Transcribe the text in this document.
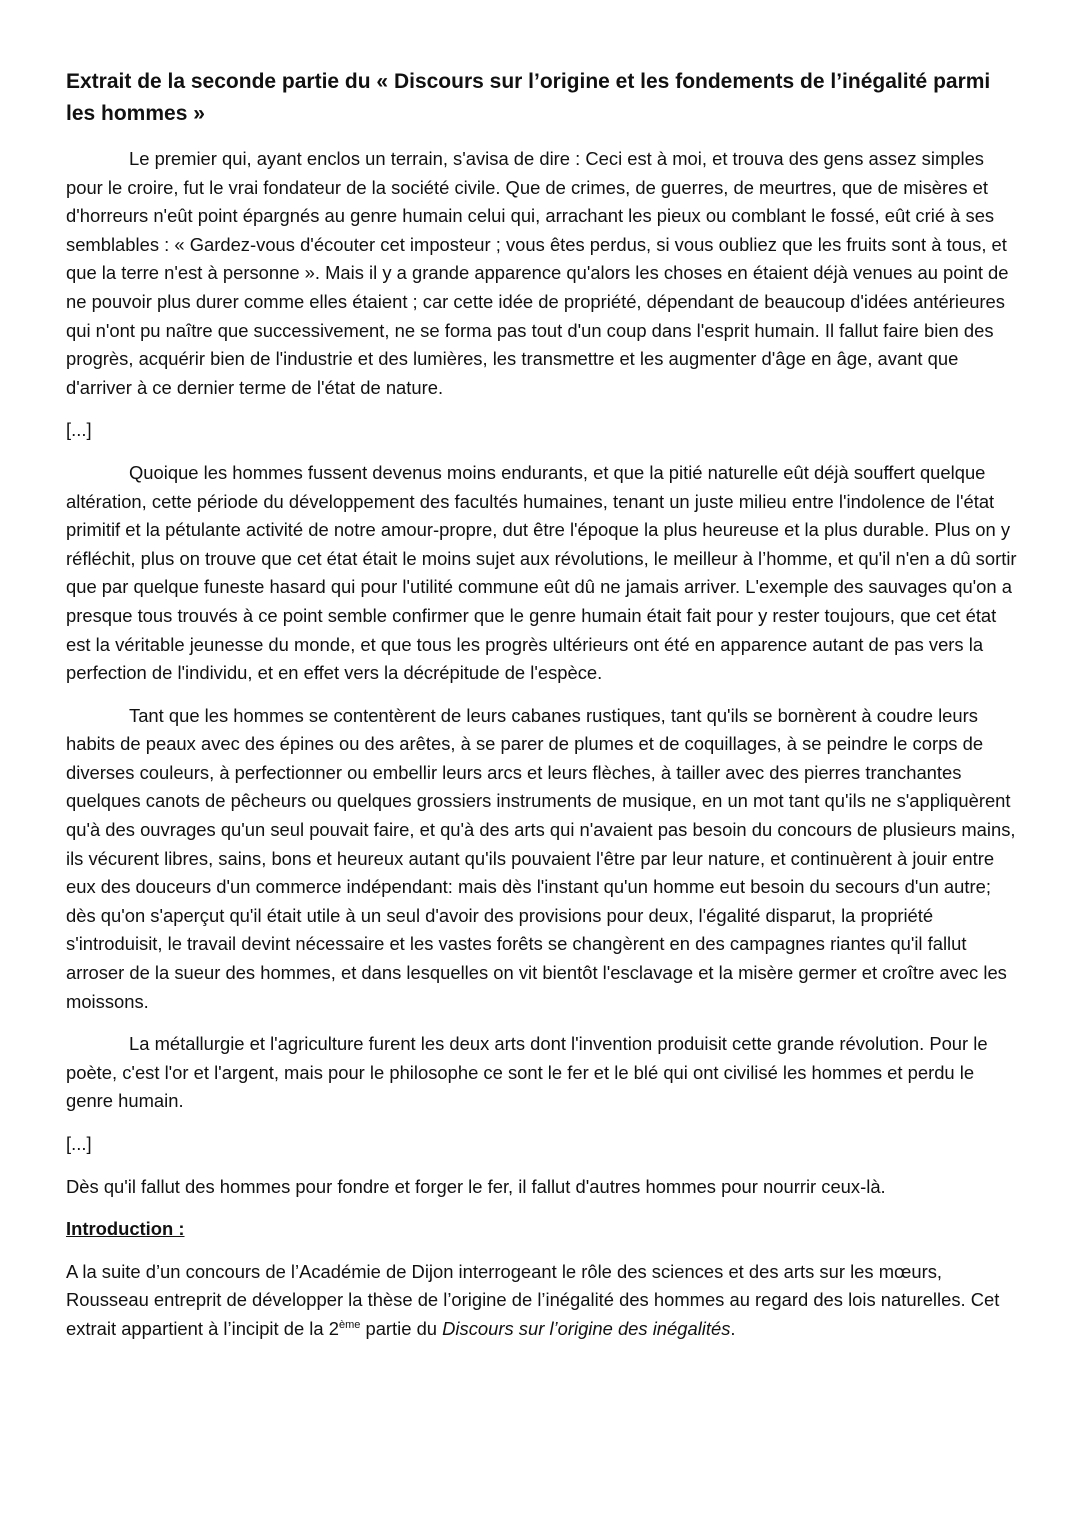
Extrait de la seconde partie du « Discours sur l’origine et les fondements de l’inégalité parmi les hommes »

Le premier qui, ayant enclos un terrain, s'avisa de dire : Ceci est à moi, et trouva des gens assez simples pour le croire, fut le vrai fondateur de la société civile. Que de crimes, de guerres, de meurtres, que de misères et d'horreurs n'eût point épargnés au genre humain celui qui, arrachant les pieux ou comblant le fossé, eût crié à ses semblables : « Gardez-vous d'écouter cet imposteur ; vous êtes perdus, si vous oubliez que les fruits sont à tous, et que la terre n'est à personne ». Mais il y a grande apparence qu'alors les choses en étaient déjà venues au point de ne pouvoir plus durer comme elles étaient ; car cette idée de propriété, dépendant de beaucoup d'idées antérieures qui n'ont pu naître que successivement, ne se forma pas tout d'un coup dans l'esprit humain. Il fallut faire bien des progrès, acquérir bien de l'industrie et des lumières, les transmettre et les augmenter d'âge en âge, avant que d'arriver à ce dernier terme de l'état de nature.

[...]

Quoique les hommes fussent devenus moins endurants, et que la pitié naturelle eût déjà souffert quelque altération, cette période du développement des facultés humaines, tenant un juste milieu entre l'indolence de l'état primitif et la pétulante activité de notre amour-propre, dut être l'époque la plus heureuse et la plus durable. Plus on y réfléchit, plus on trouve que cet état était le moins sujet aux révolutions, le meilleur à l’homme, et qu'il n'en a dû sortir que par quelque funeste hasard qui pour l'utilité commune eût dû ne jamais arriver. L'exemple des sauvages qu'on a presque tous trouvés à ce point semble confirmer que le genre humain était fait pour y rester toujours, que cet état est la véritable jeunesse du monde, et que tous les progrès ultérieurs ont été en apparence autant de pas vers la perfection de l'individu, et en effet vers la décrépitude de l'espèce.

Tant que les hommes se contentèrent de leurs cabanes rustiques, tant qu'ils se bornèrent à coudre leurs habits de peaux avec des épines ou des arêtes, à se parer de plumes et de coquillages, à se peindre le corps de diverses couleurs, à perfectionner ou embellir leurs arcs et leurs flèches, à tailler avec des pierres tranchantes quelques canots de pêcheurs ou quelques grossiers instruments de musique, en un mot tant qu'ils ne s'appliquèrent qu'à des ouvrages qu'un seul pouvait faire, et qu'à des arts qui n'avaient pas besoin du concours de plusieurs mains, ils vécurent libres, sains, bons et heureux autant qu'ils pouvaient l'être par leur nature, et continuèrent à jouir entre eux des douceurs d'un commerce indépendant: mais dès l'instant qu'un homme eut besoin du secours d'un autre; dès qu'on s'aperçut qu'il était utile à un seul d'avoir des provisions pour deux, l'égalité disparut, la propriété s'introduisit, le travail devint nécessaire et les vastes forêts se changèrent en des campagnes riantes qu'il fallut arroser de la sueur des hommes, et dans lesquelles on vit bientôt l'esclavage et la misère germer et croître avec les moissons.

La métallurgie et l'agriculture furent les deux arts dont l'invention produisit cette grande révolution. Pour le poète, c'est l'or et l'argent, mais pour le philosophe ce sont le fer et le blé qui ont civilisé les hommes et perdu le genre humain.

[...]

Dès qu'il fallut des hommes pour fondre et forger le fer, il fallut d'autres hommes pour nourrir ceux-là.

Introduction :

A la suite d’un concours de l’Académie de Dijon interrogeant le rôle des sciences et des arts sur les mœurs, Rousseau entreprit de développer la thèse de l’origine de l’inégalité des hommes au regard des lois naturelles. Cet extrait appartient à l’incipit de la 2ème partie du Discours sur l’origine des inégalités.
